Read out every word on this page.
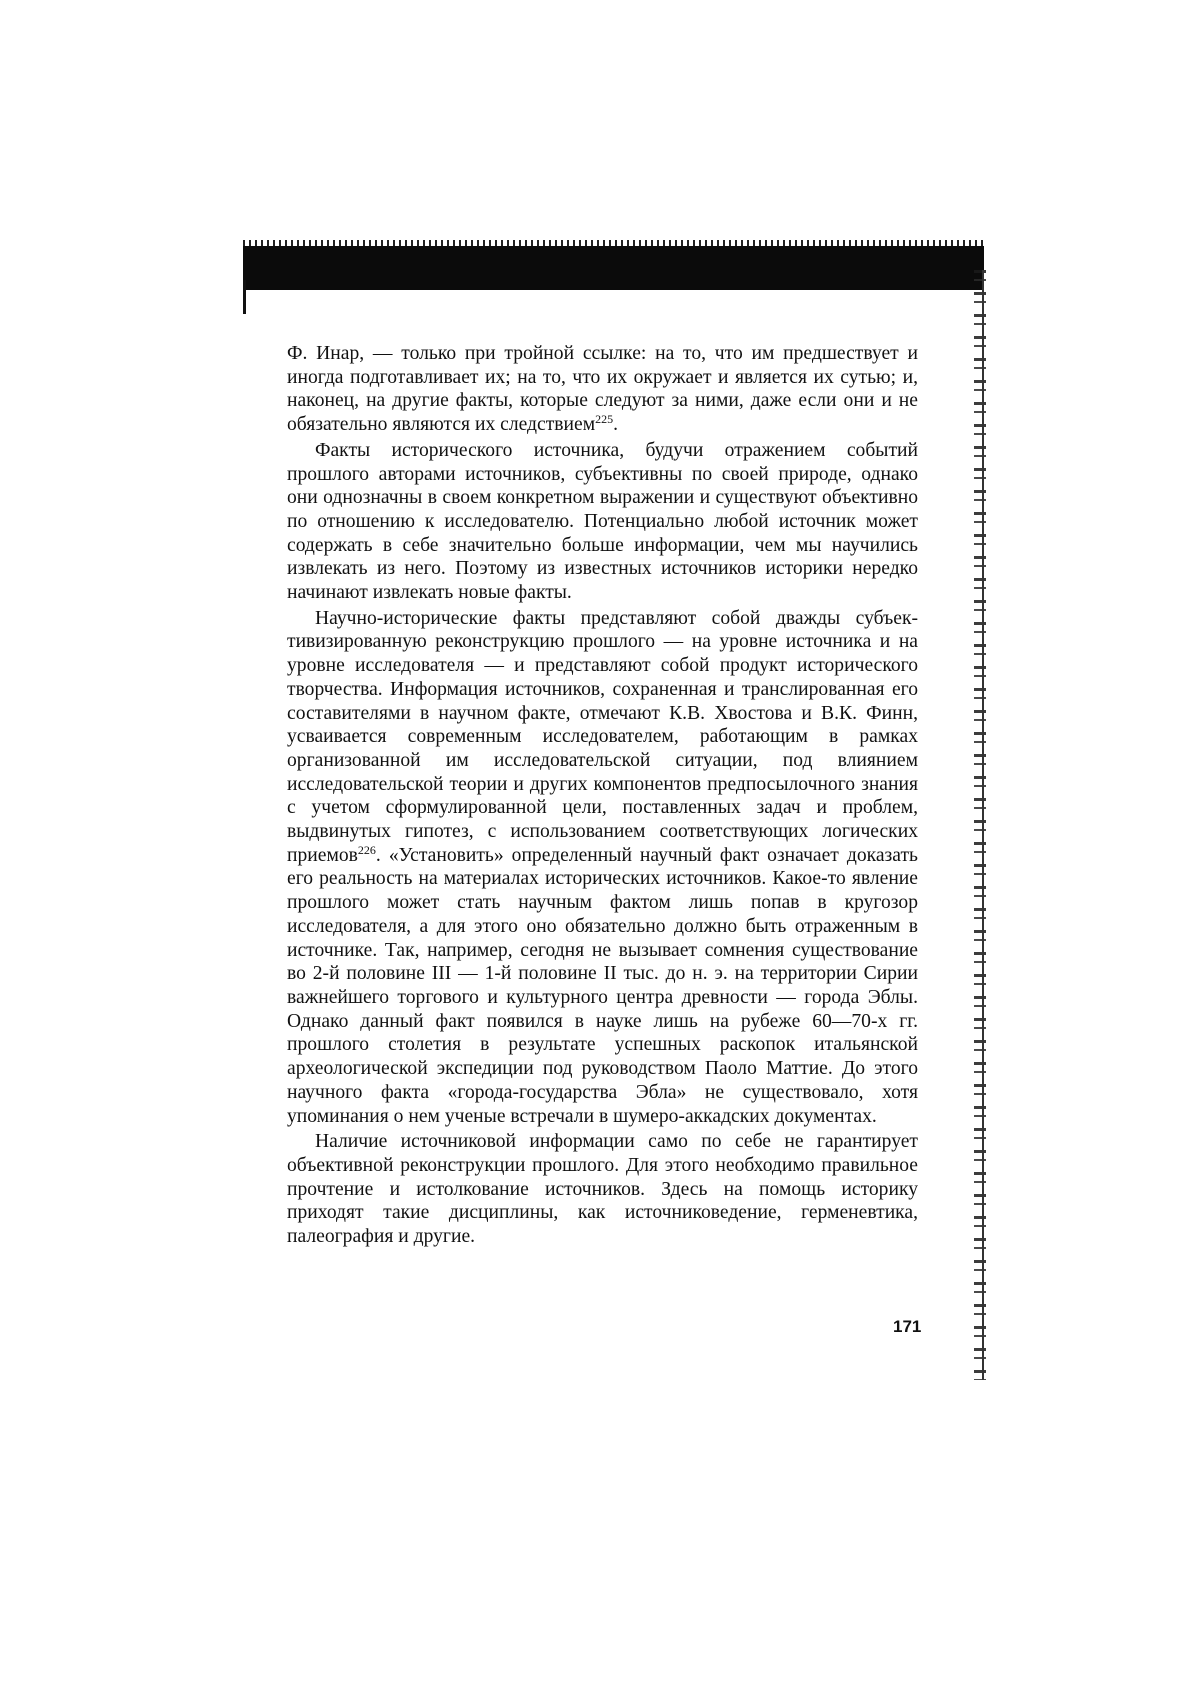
Ф. Инар, — только при тройной ссылке: на то, что им предшествует и иногда подготавливает их; на то, что их окружает и является их сутью; и, наконец, на другие факты, которые следуют за ними, даже если они и не обязательно являются их следствием$^{225}$.

Факты исторического источника, будучи отражением событий прошлого авторами источников, субъективны по своей природе, однако они однозначны в своем конкретном выражении и существуют объективно по отношению к исследователю. Потенциально любой источник может содержать в себе значительно больше информации, чем мы научились извлекать из него. Поэтому из известных источников историки нередко начинают извлекать новые факты.

Научно-исторические факты представляют собой дважды субъективизированную реконструкцию прошлого — на уровне источника и на уровне исследователя — и представляют собой продукт исторического творчества. Информация источников, сохраненная и транслированная его составителями в научном факте, отмечают К.В. Хвостова и В.К. Финн, усваивается современным исследователем, работающим в рамках организованной им исследовательской ситуации, под влиянием исследовательской теории и других компонентов предпосылочного знания с учетом сформулированной цели, поставленных задач и проблем, выдвинутых гипотез, с использованием соответствующих логических приемов$^{226}$. «Установить» определенный научный факт означает доказать его реальность на материалах исторических источников. Какое-то явление прошлого может стать научным фактом лишь попав в кругозор исследователя, а для этого оно обязательно должно быть отраженным в источнике. Так, например, сегодня не вызывает сомнения существование во 2-й половине III — 1-й половине II тыс. до н. э. на территории Сирии важнейшего торгового и культурного центра древности — города Эблы. Однако данный факт появился в науке лишь на рубеже 60—70-х гг. прошлого столетия в результате успешных раскопок итальянской археологической экспедиции под руководством Паоло Маттие. До этого научного факта «города-государства Эбла» не существовало, хотя упоминания о нем ученые встречали в шумеро-аккадских документах.

Наличие источниковой информации само по себе не гарантирует объективной реконструкции прошлого. Для этого необходимо правильное прочтение и истолкование источников. Здесь на помощь историку приходят такие дисциплины, как источниковедение, герменевтика, палеография и другие.

171
